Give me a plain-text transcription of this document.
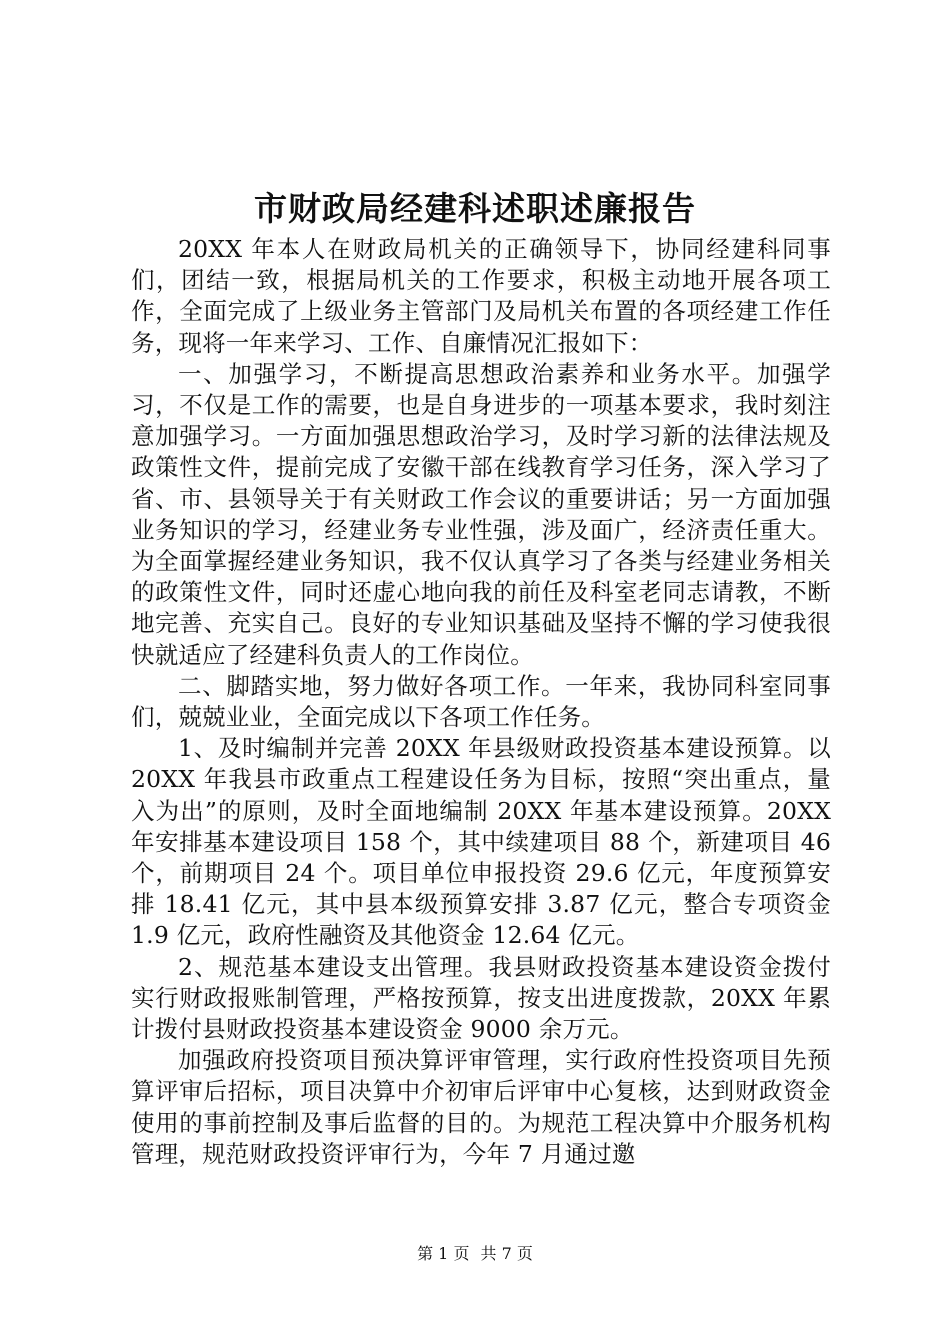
市财政局经建科述职述廉报告

20XX 年本人在财政局机关的正确领导下，协同经建科同事们，团结一致，根据局机关的工作要求，积极主动地开展各项工作，全面完成了上级业务主管部门及局机关布置的各项经建工作任务，现将一年来学习、工作、自廉情况汇报如下：

一、加强学习，不断提高思想政治素养和业务水平。加强学习，不仅是工作的需要，也是自身进步的一项基本要求，我时刻注意加强学习。一方面加强思想政治学习，及时学习新的法律法规及政策性文件，提前完成了安徽干部在线教育学习任务，深入学习了省、市、县领导关于有关财政工作会议的重要讲话；另一方面加强业务知识的学习，经建业务专业性强，涉及面广，经济责任重大。为全面掌握经建业务知识，我不仅认真学习了各类与经建业务相关的政策性文件，同时还虚心地向我的前任及科室老同志请教，不断地完善、充实自己。良好的专业知识基础及坚持不懈的学习使我很快就适应了经建科负责人的工作岗位。

二、脚踏实地，努力做好各项工作。一年来，我协同科室同事们，兢兢业业，全面完成以下各项工作任务。

1、及时编制并完善 20XX 年县级财政投资基本建设预算。以 20XX 年我县市政重点工程建设任务为目标，按照“突出重点，量入为出”的原则，及时全面地编制 20XX 年基本建设预算。20XX 年安排基本建设项目 158 个，其中续建项目 88 个，新建项目 46 个，前期项目 24 个。项目单位申报投资 29.6 亿元，年度预算安排 18.41 亿元，其中县本级预算安排 3.87 亿元，整合专项资金 1.9 亿元，政府性融资及其他资金 12.64 亿元。

2、规范基本建设支出管理。我县财政投资基本建设资金拨付实行财政报账制管理，严格按预算，按支出进度拨款，20XX 年累计拨付县财政投资基本建设资金 9000 余万元。

加强政府投资项目预决算评审管理，实行政府性投资项目先预算评审后招标，项目决算中介初审后评审中心复核，达到财政资金使用的事前控制及事后监督的目的。为规范工程决算中介服务机构管理，规范财政投资评审行为，今年 7 月通过邀

第 1 页 共 7 页
